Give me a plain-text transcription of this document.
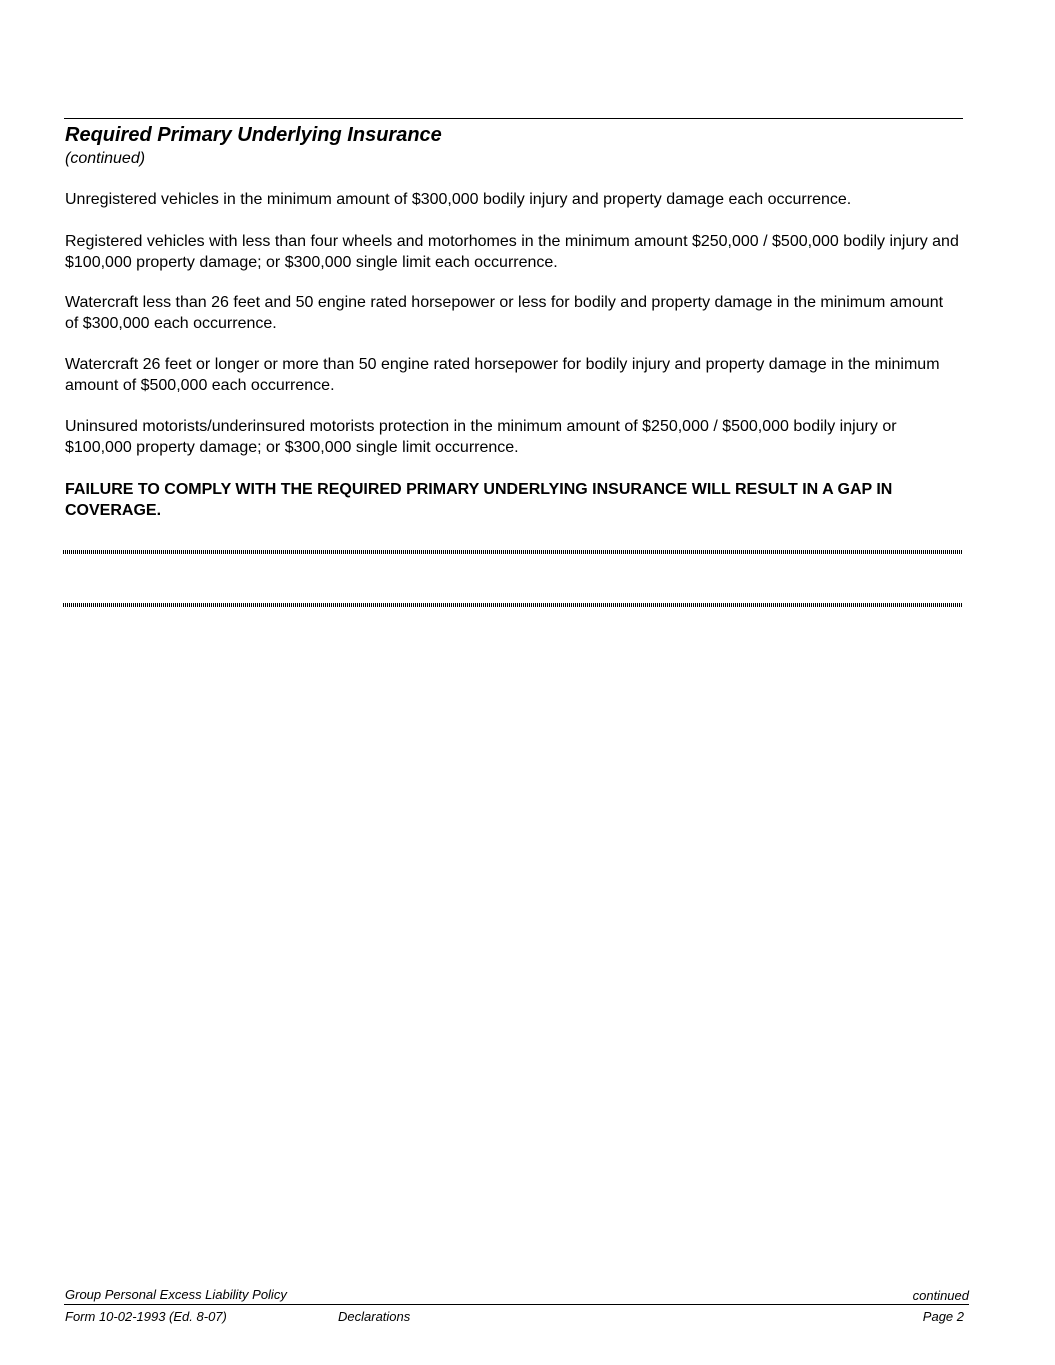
Required Primary Underlying Insurance
(continued)
Unregistered vehicles in the minimum amount of $300,000 bodily injury and property damage each occurrence.
Registered vehicles with less than four wheels and motorhomes in the minimum amount $250,000 / $500,000 bodily injury and $100,000 property damage; or $300,000 single limit each occurrence.
Watercraft less than 26 feet and 50 engine rated horsepower or less for bodily and property damage in the minimum amount of $300,000 each occurrence.
Watercraft 26 feet or longer or more than 50 engine rated horsepower for bodily injury and property damage in the minimum amount of $500,000 each occurrence.
Uninsured motorists/underinsured motorists protection in the minimum amount of $250,000 / $500,000 bodily injury or $100,000 property damage; or $300,000 single limit occurrence.
FAILURE TO COMPLY WITH THE REQUIRED PRIMARY UNDERLYING INSURANCE WILL RESULT IN A GAP IN COVERAGE.
Group Personal Excess Liability Policy	continued
Form 10-02-1993 (Ed. 8-07)	Declarations	Page 2
